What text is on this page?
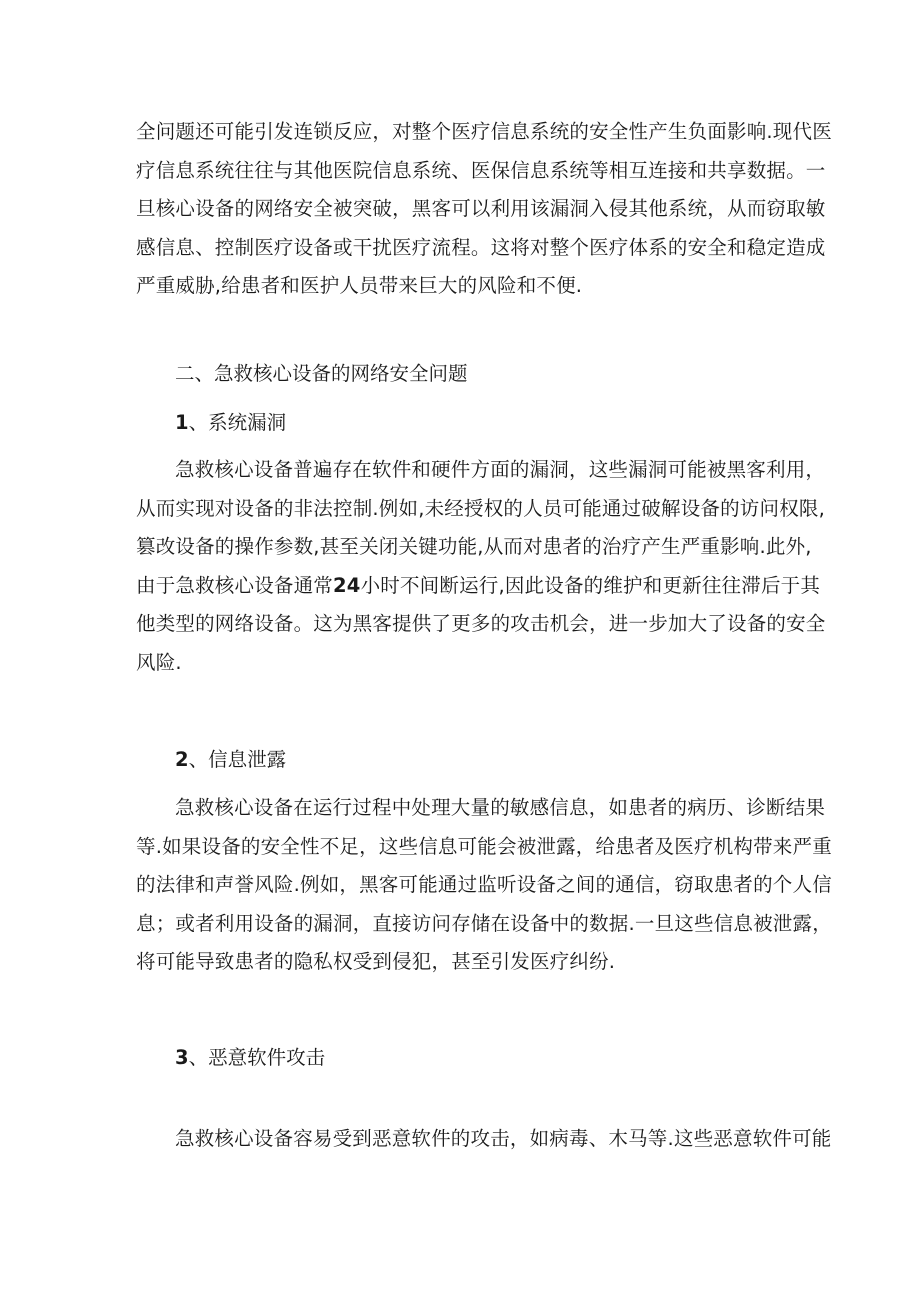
全问题还可能引发连锁反应，对整个医疗信息系统的安全性产生负面影响.现代医
疗信息系统往往与其他医院信息系统、医保信息系统等相互连接和共享数据。一
旦核心设备的网络安全被突破，黑客可以利用该漏洞入侵其他系统，从而窃取敏
感信息、控制医疗设备或干扰医疗流程。这将对整个医疗体系的安全和稳定造成
严重威胁,给患者和医护人员带来巨大的风险和不便.

二、急救核心设备的网络安全问题

1、系统漏洞

急救核心设备普遍存在软件和硬件方面的漏洞，这些漏洞可能被黑客利用，
从而实现对设备的非法控制.例如,未经授权的人员可能通过破解设备的访问权限,
篡改设备的操作参数,甚至关闭关键功能,从而对患者的治疗产生严重影响.此外,
由于急救核心设备通常24小时不间断运行,因此设备的维护和更新往往滞后于其
他类型的网络设备。这为黑客提供了更多的攻击机会，进一步加大了设备的安全
风险.

2、信息泄露

急救核心设备在运行过程中处理大量的敏感信息，如患者的病历、诊断结果
等.如果设备的安全性不足，这些信息可能会被泄露，给患者及医疗机构带来严重
的法律和声誉风险.例如，黑客可能通过监听设备之间的通信，窃取患者的个人信
息；或者利用设备的漏洞，直接访问存储在设备中的数据.一旦这些信息被泄露，
将可能导致患者的隐私权受到侵犯，甚至引发医疗纠纷.

3、恶意软件攻击

急救核心设备容易受到恶意软件的攻击，如病毒、木马等.这些恶意软件可能
